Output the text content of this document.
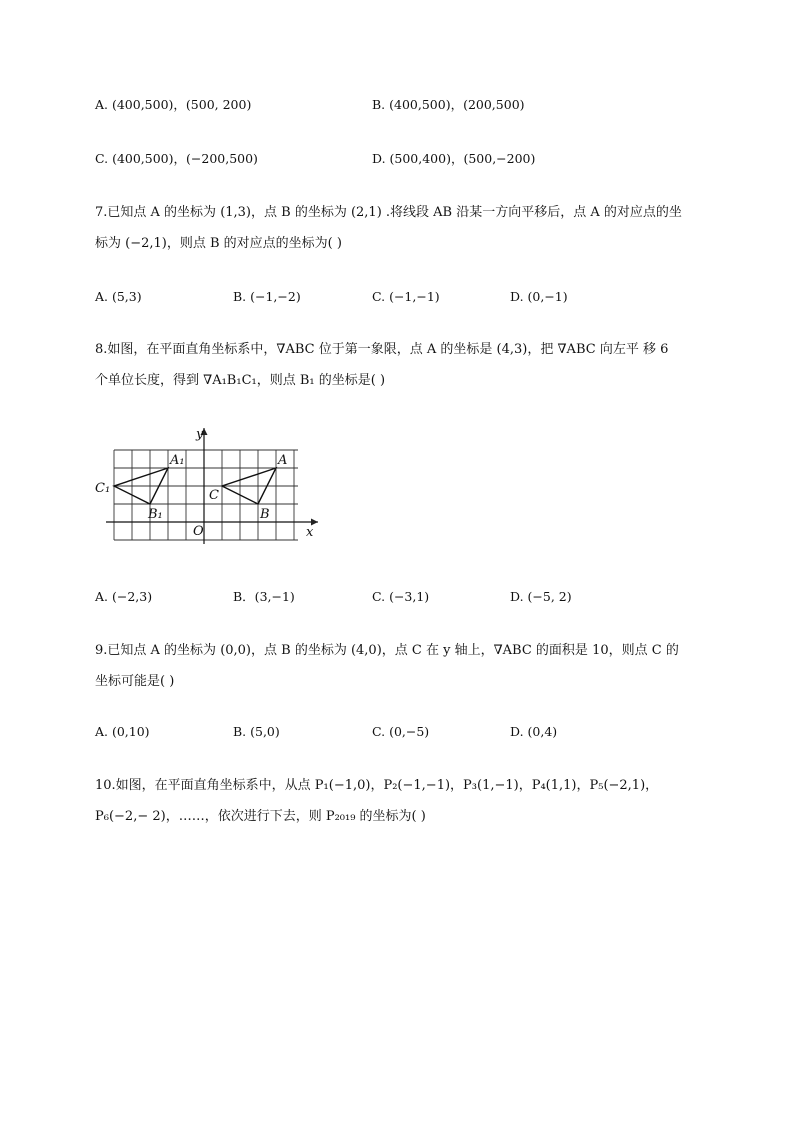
A. (400,500)，(500, 200)	B. (400,500)，(200,500)
C. (400,500)，(−200,500)	D. (500,400)，(500,−200)
7.已知点 A 的坐标为 (1,3)，点 B 的坐标为 (2,1) .将线段 AB 沿某一方向平移后，点 A 的对应点的坐
标为 (−2,1)，则点 B 的对应点的坐标为( )
A. (5,3)	B. (−1,−2)	C. (−1,−1)	D. (0,−1)
8.如图，在平面直角坐标系中，∇ABC 位于第一象限，点 A 的坐标是 (4,3)，把 ∇ABC 向左平 移 6
个单位长度，得到 ∇A₁B₁C₁，则点 B₁ 的坐标是( )
y
x
O
A₁	A
C₁	C
B₁	B
A. (−2,3)	B．(3,−1)	C. (−3,1)	D. (−5, 2)
9.已知点 A 的坐标为 (0,0)，点 B 的坐标为 (4,0)，点 C 在 y 轴上，∇ABC 的面积是 10，则点 C 的
坐标可能是( )
A. (0,10)	B. (5,0)	C. (0,−5)	D. (0,4)
10.如图，在平面直角坐标系中，从点 P₁(−1,0)，P₂(−1,−1)，P₃(1,−1)，P₄(1,1)，P₅(−2,1)，
P₆(−2,− 2)，……，依次进行下去，则 P₂₀₁₉ 的坐标为( )
